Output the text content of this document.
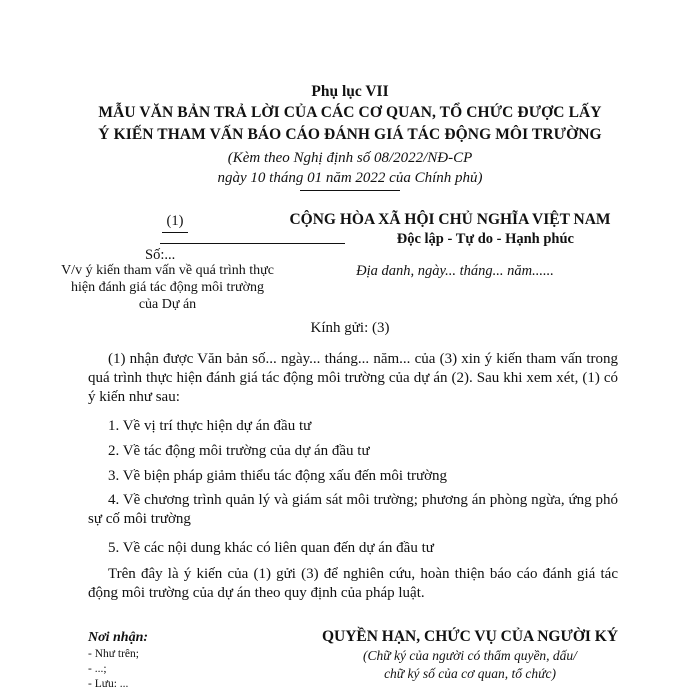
Phụ lục VII
MẪU VĂN BẢN TRẢ LỜI CỦA CÁC CƠ QUAN, TỔ CHỨC ĐƯỢC LẤY
Ý KIẾN THAM VẤN BÁO CÁO ĐÁNH GIÁ TÁC ĐỘNG MÔI TRƯỜNG
(Kèm theo Nghị định số 08/2022/NĐ-CP
ngày 10 tháng 01 năm 2022 của Chính phủ)
(1)	CỘNG HÒA XÃ HỘI CHỦ NGHĨA VIỆT NAM
Độc lập - Tự do - Hạnh phúc
Số:...
V/v ý kiến tham vấn về quá trình thực hiện đánh giá tác động môi trường của Dự án
Địa danh, ngày... tháng... năm......
Kính gửi: (3)
(1) nhận được Văn bản số... ngày... tháng... năm... của (3) xin ý kiến tham vấn trong quá trình thực hiện đánh giá tác động môi trường của dự án (2). Sau khi xem xét, (1) có ý kiến như sau:
1. Về vị trí thực hiện dự án đầu tư
2. Về tác động môi trường của dự án đầu tư
3. Về biện pháp giảm thiểu tác động xấu đến môi trường
4. Về chương trình quản lý và giám sát môi trường; phương án phòng ngừa, ứng phó sự cố môi trường
5. Về các nội dung khác có liên quan đến dự án đầu tư
Trên đây là ý kiến của (1) gửi (3) để nghiên cứu, hoàn thiện báo cáo đánh giá tác động môi trường của dự án theo quy định của pháp luật.
Nơi nhận:
- Như trên;
- ...;
- Lưu: ...
QUYỀN HẠN, CHỨC VỤ CỦA NGƯỜI KÝ
(Chữ ký của người có thẩm quyền, dấu/
chữ ký số của cơ quan, tổ chức)
